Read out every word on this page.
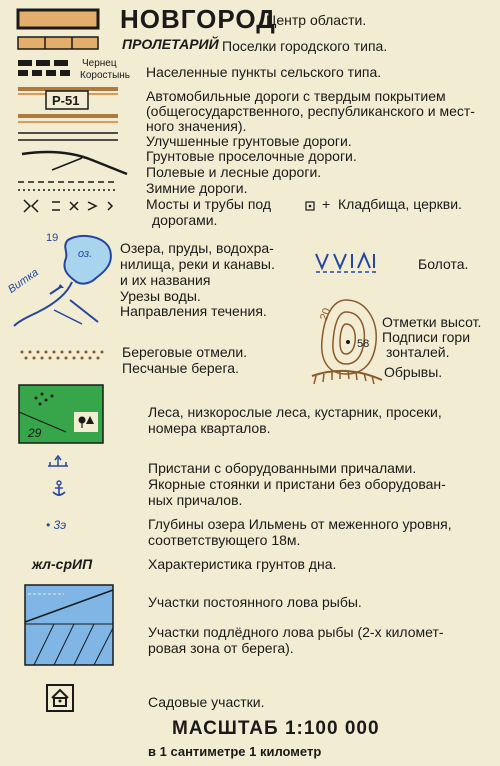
НОВГОРОД
Центр области.
ПРОЛЕТАРИЙ Поселки городского типа.
Чернец
Коростынь Населенные пункты сельского типа.
Р-51	Автомобильные дороги с твердым покрытием
(общегосударственного, республиканского и мест-
ного значения).
Улучшенные грунтовые дороги.
Грунтовые проселочные дороги.
Полевые и лесные дороги.
Зимние дороги.
Мосты и трубы под
дорогами.
+ Кладбища, церкви.
19
оз.
Витка
Озера, пруды, водохра-
нилища, реки и канавы.
и их названия
Урезы воды.
Направления течения.
Болота.
20
58
Отметки высот.
Подписи гори
зонталей.
Обрывы.
Береговые отмели.
Песчаные берега.
29
Леса, низкорослые леса, кустарник, просеки,
номера кварталов.
Пристани с оборудованными причалами.
Якорные стоянки и пристани без оборудован-
ных причалов.
• 3э	Глубины озера Ильмень от меженного уровня,
соответствующего 18м.
жл-срИП	Характеристика грунтов дна.
Участки постоянного лова рыбы.
Участки подлёдного лова рыбы (2-х километ-
ровая зона от берега).
Садовые участки.
МАСШТАБ 1:100 000
в 1 сантиметре 1 километр
